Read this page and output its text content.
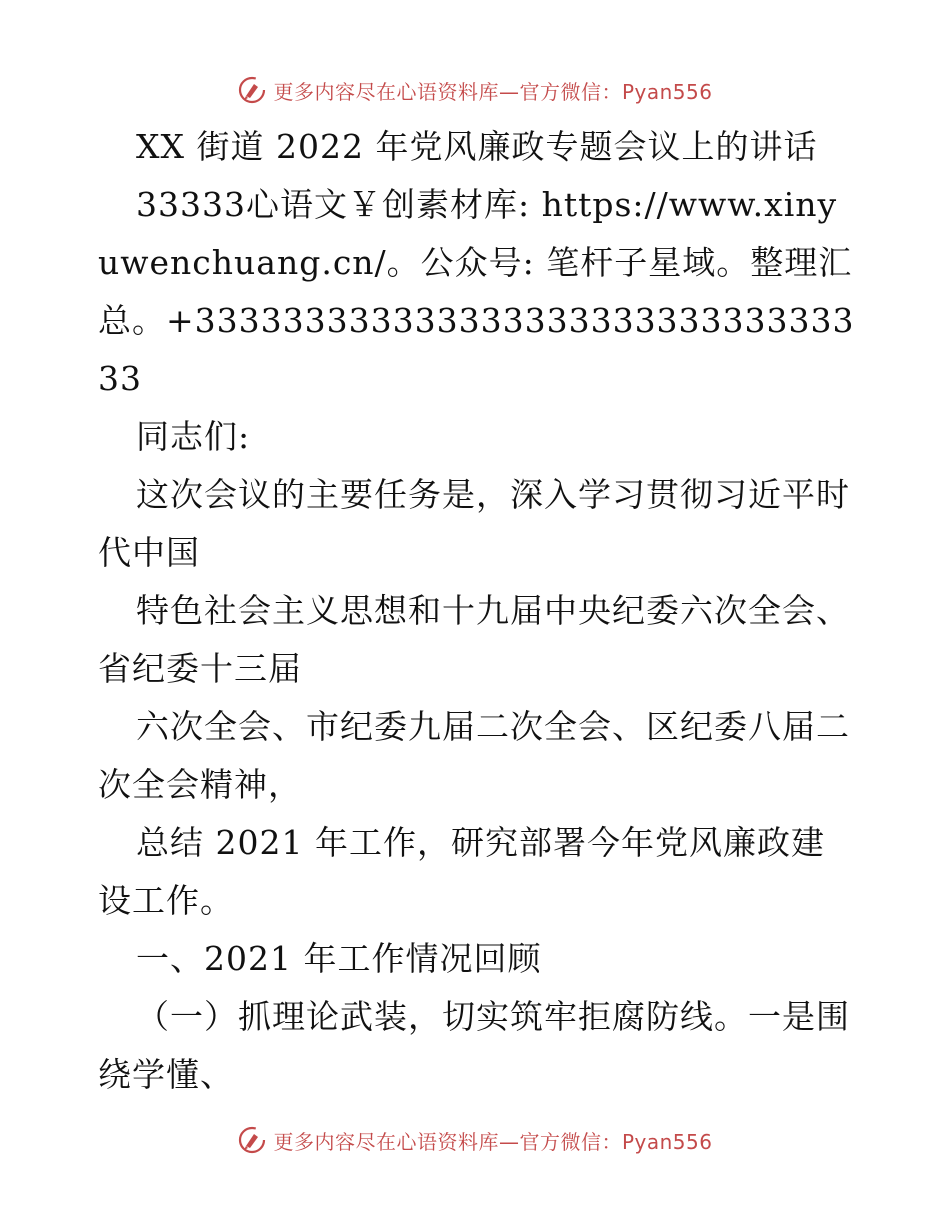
更多内容尽在心语资料库—官方微信：Pyan556

XX 街道 2022 年党风廉政专题会议上的讲话

33333心语文￥创素材库: https://www.xinyuwenchuang.cn/。公众号: 笔杆子星域。整理汇总。+33333333333333333333333333333333

同志们:

这次会议的主要任务是，深入学习贯彻习近平时代中国

特色社会主义思想和十九届中央纪委六次全会、省纪委十三届

六次全会、市纪委九届二次全会、区纪委八届二次全会精神，

总结 2021 年工作，研究部署今年党风廉政建设工作。

一、2021 年工作情况回顾

（一）抓理论武装，切实筑牢拒腐防线。一是围绕学懂、

更多内容尽在心语资料库—官方微信：Pyan556
